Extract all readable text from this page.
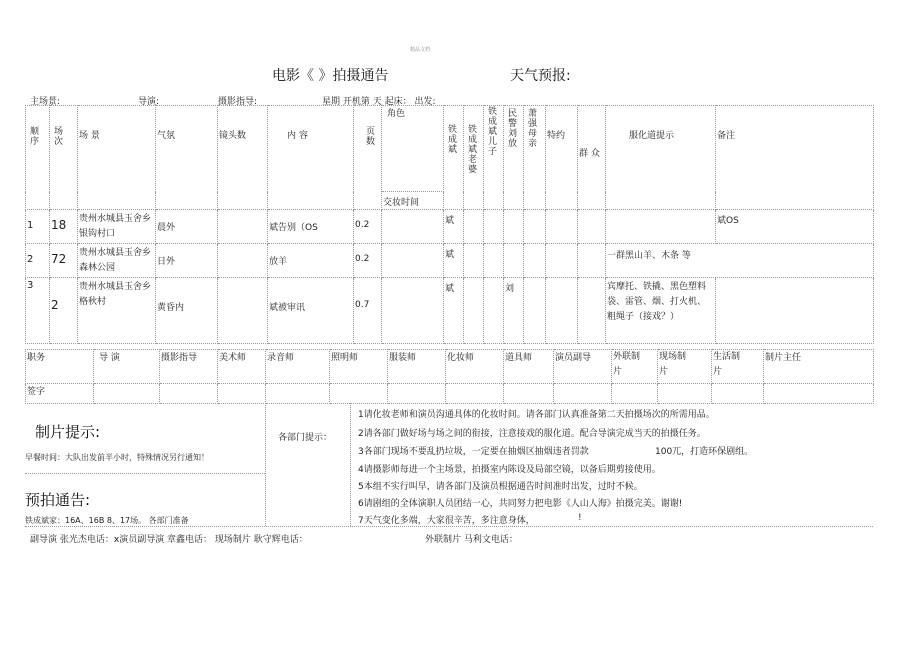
精品文档
电影《 》拍摄通告	天气预报:
主场景:	导演:	摄影指导:	星期 开机第 天 起床： 出发:
顺序	场次	场 景	气氛	镜头数	内 容	页数	角色	铁成斌	铁成斌老婆	铁成斌儿子	民警刘放	萧强母亲	特约	群 众	服化道提示	备注

							交妆时间									

1	18	贵州水城县玉舍乡银钩村口	晨外		斌告别（OS	0.2		斌								斌OS
2	72	贵州水城县玉舍乡森林公园	日外		放羊	0.2		斌							一群黑山羊、木条 等	
3	2	贵州水城县玉舍乡格秋村	黄昏内		斌被审讯	0.7		斌			刘				宾摩托、铁撬、黑色塑料袋、雷管、烟、打火机、粗绳子（接戏？）	
职务	导 演	摄影指导	美术师	录音师	照明师	服装师	化妆师	道具师	演员副导	外联制片	现场制片	生活制片	制片主任
签字													
制片提示:
早餐时间：大队出发前半小时，特殊情况另行通知！
预拍通告:
铁成斌家：16A、16B 8、17场。 各部门准备
各部门提示：
1请化妆老师和演员沟通具体的化妆时间。请各部门认真准备第二天拍摄场次的所需用品。
2请各部门做好场与场之间的衔接，注意接戏的服化道。配合导演完成当天的拍摄任务。
3各部门现场不要乱扔垃圾，一定要在抽烟区抽烟违者罚款	100兀，打造环保剧组。
4请摄影师每进一个主场景，拍摄室内陈设及局部空镜，以备后期剪接使用。
5本组不实行叫早，请各部门及演员根据通告时间准时出发，过时不候。
6请剧组的全体演职人员团结一心，共同努力把电影《人山人海》拍摄完美。谢谢!
7天气变化多端，大家很辛苦，多注意身体，	!
副导演 张光杰电话：x演员副导演 章鑫电话： 现场制片 耿守辉电话：	外联制片 马利文电话：
